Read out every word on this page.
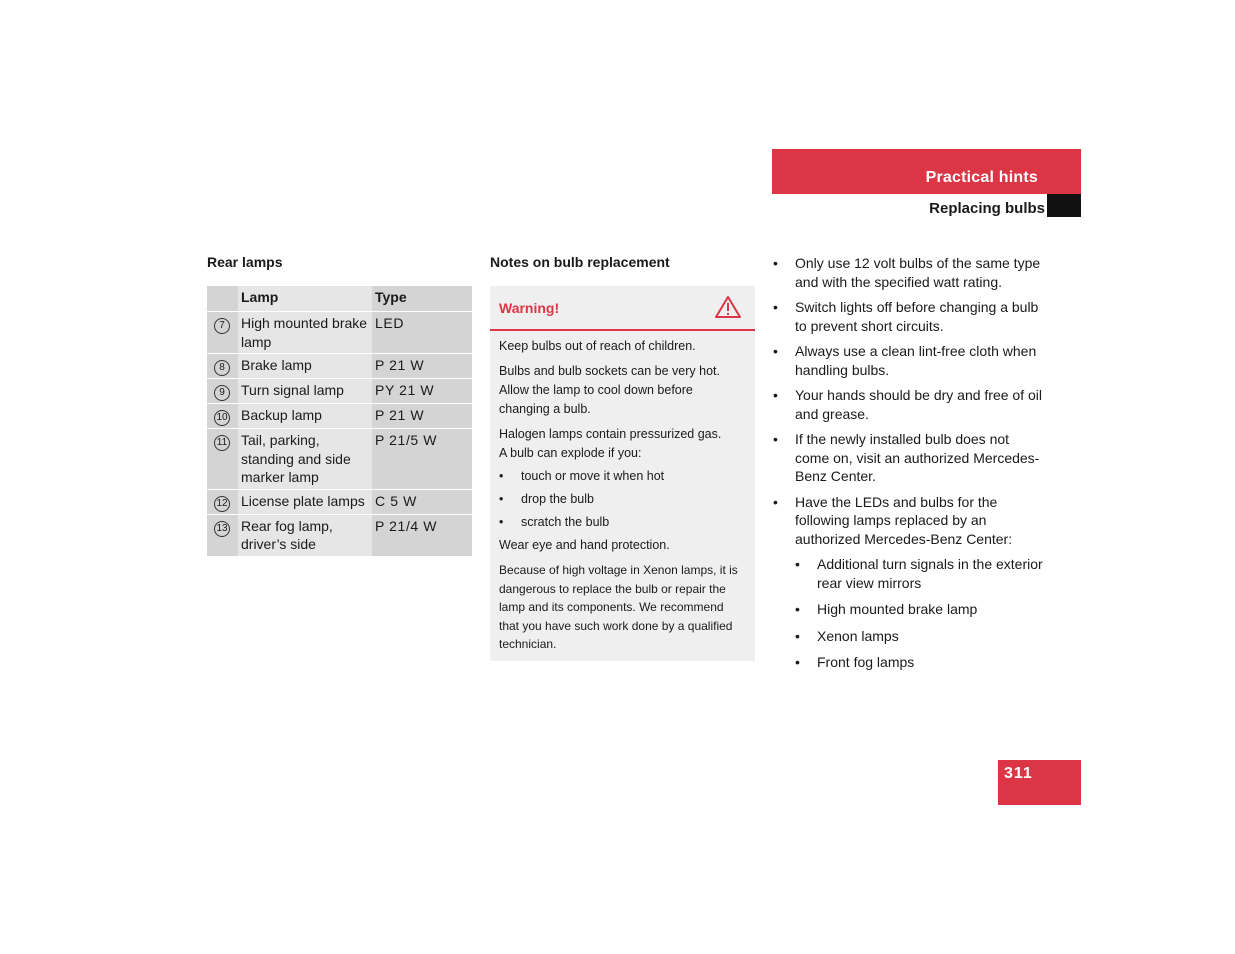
Practical hints
Replacing bulbs
Rear lamps
	Lamp	Type
7	High mounted brake lamp	LED
8	Brake lamp	P 21 W
9	Turn signal lamp	PY 21 W
10	Backup lamp	P 21 W
11	Tail, parking, standing and side marker lamp	P 21/5 W
12	License plate lamps	C 5 W
13	Rear fog lamp, driver’s side	P 21/4 W
Notes on bulb replacement
Warning!

Keep bulbs out of reach of children.

Bulbs and bulb sockets can be very hot. Allow the lamp to cool down before changing a bulb.

Halogen lamps contain pressurized gas.
A bulb can explode if you:

• touch or move it when hot
• drop the bulb
• scratch the bulb

Wear eye and hand protection.

Because of high voltage in Xenon lamps, it is dangerous to replace the bulb or repair the lamp and its components. We recommend that you have such work done by a qualified technician.

• Only use 12 volt bulbs of the same type and with the specified watt rating.
• Switch lights off before changing a bulb to prevent short circuits.
• Always use a clean lint-free cloth when handling bulbs.
• Your hands should be dry and free of oil and grease.
• If the newly installed bulb does not come on, visit an authorized Mercedes-Benz Center.
• Have the LEDs and bulbs for the following lamps replaced by an authorized Mercedes-Benz Center:
• Additional turn signals in the exterior rear view mirrors
• High mounted brake lamp
• Xenon lamps
• Front fog lamps
311
